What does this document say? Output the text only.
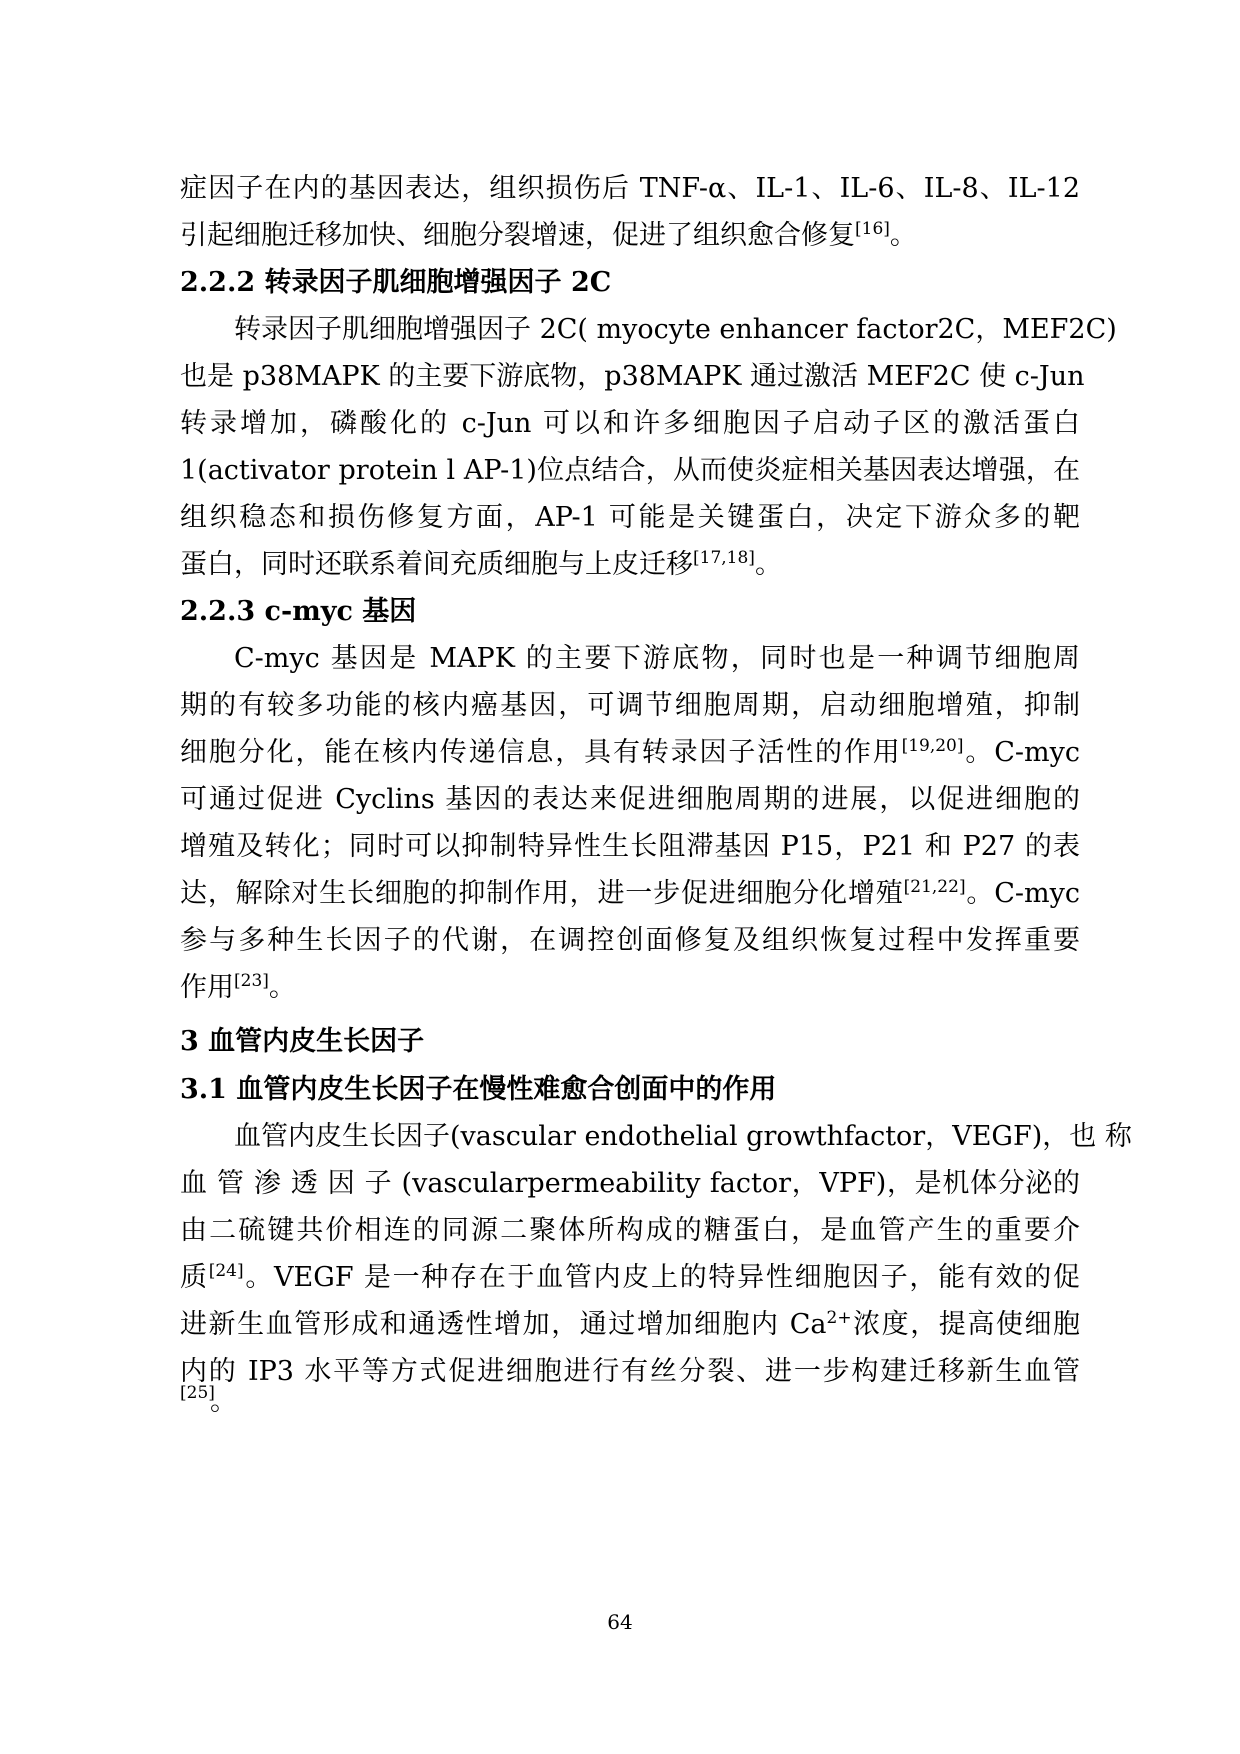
症因子在内的基因表达，组织损伤后 TNF-α、IL-1、IL-6、IL-8、IL-12
引起细胞迁移加快、细胞分裂增速，促进了组织愈合修复[16]。
2.2.2 转录因子肌细胞增强因子 2C
转录因子肌细胞增强因子 2C( myocyte enhancer factor2C，MEF2C)
也是 p38MAPK 的主要下游底物，p38MAPK 通过激活 MEF2C 使 c-Jun
转录增加，磷酸化的 c-Jun 可以和许多细胞因子启动子区的激活蛋白
1(activator protein l AP-1)位点结合，从而使炎症相关基因表达增强，在
组织稳态和损伤修复方面，AP-1 可能是关键蛋白，决定下游众多的靶
蛋白，同时还联系着间充质细胞与上皮迁移[17,18]。
2.2.3 c-myc 基因
C-myc 基因是 MAPK 的主要下游底物，同时也是一种调节细胞周
期的有较多功能的核内癌基因，可调节细胞周期，启动细胞增殖，抑制
细胞分化，能在核内传递信息，具有转录因子活性的作用[19,20]。C-myc
可通过促进 Cyclins 基因的表达来促进细胞周期的进展，以促进细胞的
增殖及转化；同时可以抑制特异性生长阻滞基因 P15，P21 和 P27 的表
达，解除对生长细胞的抑制作用，进一步促进细胞分化增殖[21,22]。C-myc
参与多种生长因子的代谢，在调控创面修复及组织恢复过程中发挥重要
作用[23]。
3 血管内皮生长因子
3.1 血管内皮生长因子在慢性难愈合创面中的作用
血管内皮生长因子(vascular endothelial growthfactor，VEGF)，也 称
血 管 渗 透 因 子 (vascularpermeability factor，VPF)，是机体分泌的
由二硫键共价相连的同源二聚体所构成的糖蛋白，是血管产生的重要介
质[24]。VEGF 是一种存在于血管内皮上的特异性细胞因子，能有效的促
进新生血管形成和通透性增加，通过增加细胞内 $Ca^{2+}$浓度，提高使细胞
内的 IP3 水平等方式促进细胞进行有丝分裂、进一步构建迁移新生血管
[25]
。
64
